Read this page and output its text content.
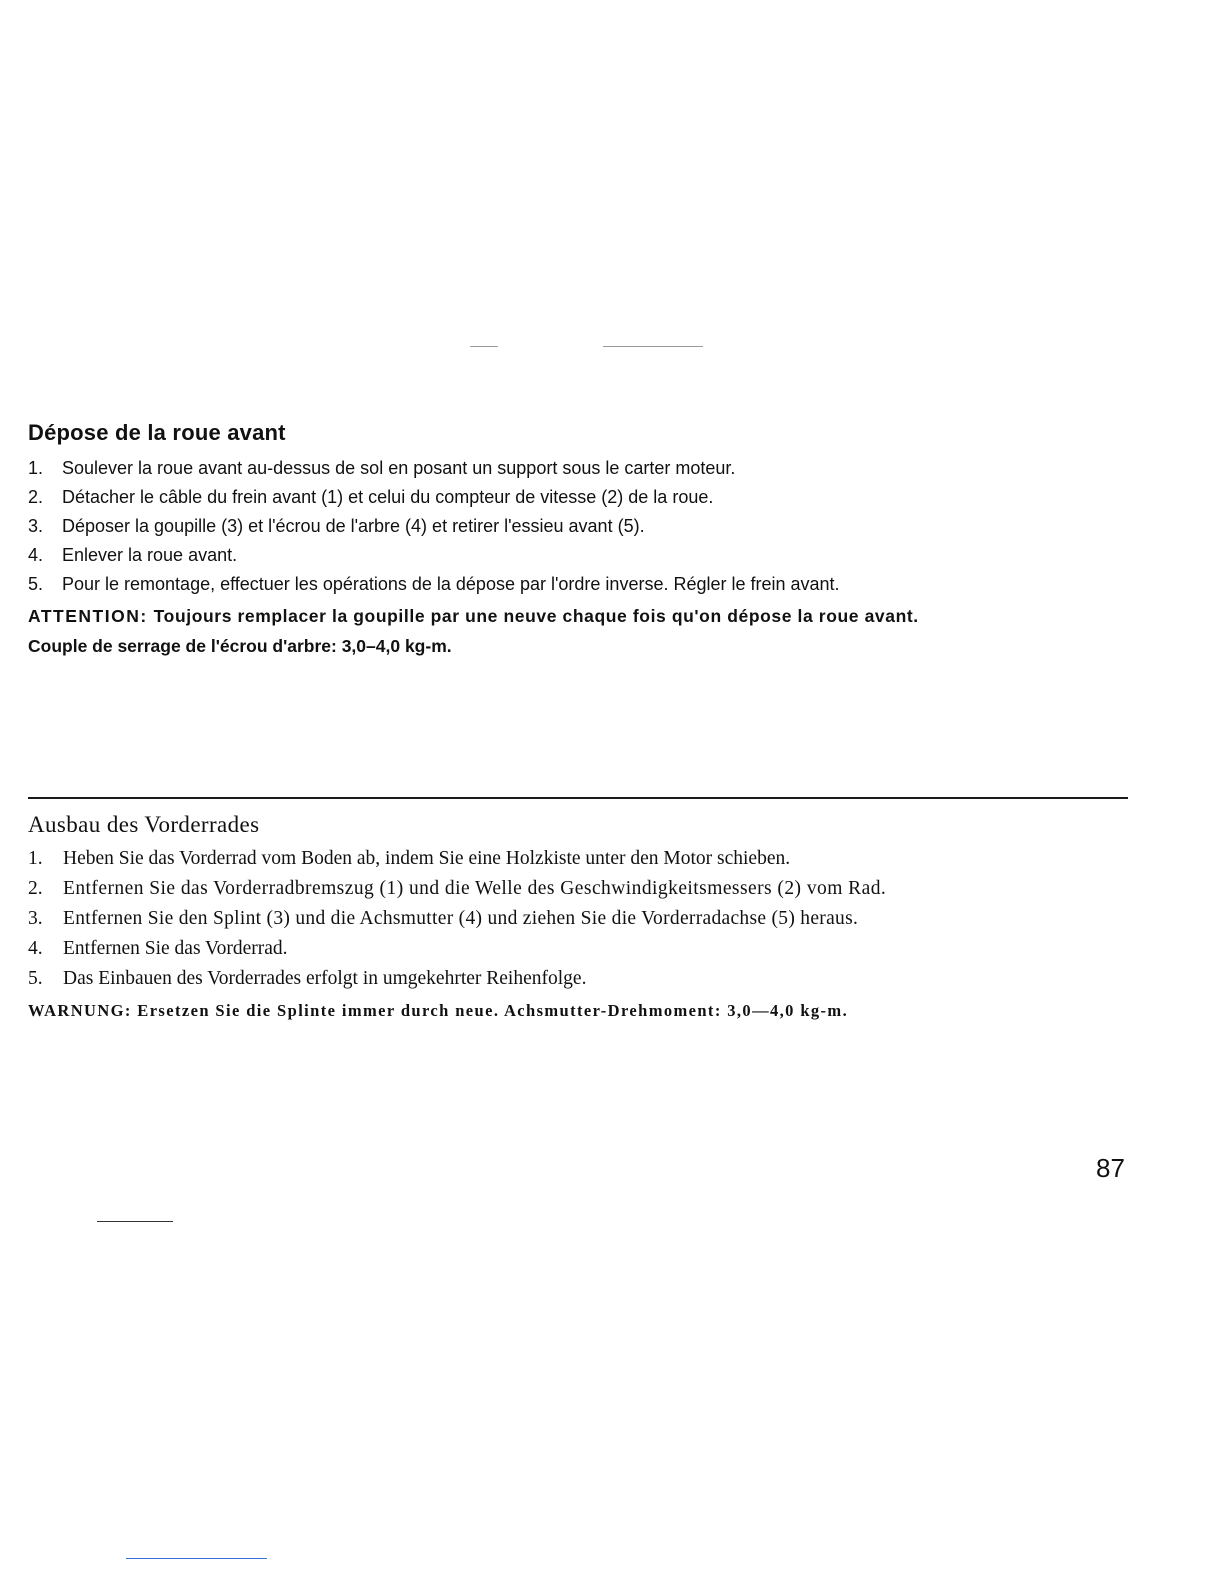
Dépose de la roue avant
1.	Soulever la roue avant au-dessus de sol en posant un support sous le carter moteur.
2.	Détacher le câble du frein avant (1) et celui du compteur de vitesse (2) de la roue.
3.	Déposer la goupille (3) et l'écrou de l'arbre (4) et retirer l'essieu avant (5).
4.	Enlever la roue avant.
5.	Pour le remontage, effectuer les opérations de la dépose par l'ordre inverse. Régler le frein avant.
ATTENTION: Toujours remplacer la goupille par une neuve chaque fois qu'on dépose la roue avant.
Couple de serrage de l'écrou d'arbre: 3,0–4,0 kg-m.
Ausbau des Vorderrades
1.	Heben Sie das Vorderrad vom Boden ab, indem Sie eine Holzkiste unter den Motor schieben.
2.	Entfernen Sie das Vorderradbremszug (1) und die Welle des Geschwindigkeitsmessers (2) vom Rad.
3.	Entfernen Sie den Splint (3) und die Achsmutter (4) und ziehen Sie die Vorderradachse (5) heraus.
4.	Entfernen Sie das Vorderrad.
5.	Das Einbauen des Vorderrades erfolgt in umgekehrter Reihenfolge.
WARNUNG: Ersetzen Sie die Splinte immer durch neue. Achsmutter-Drehmoment: 3,0—4,0 kg-m.
87
